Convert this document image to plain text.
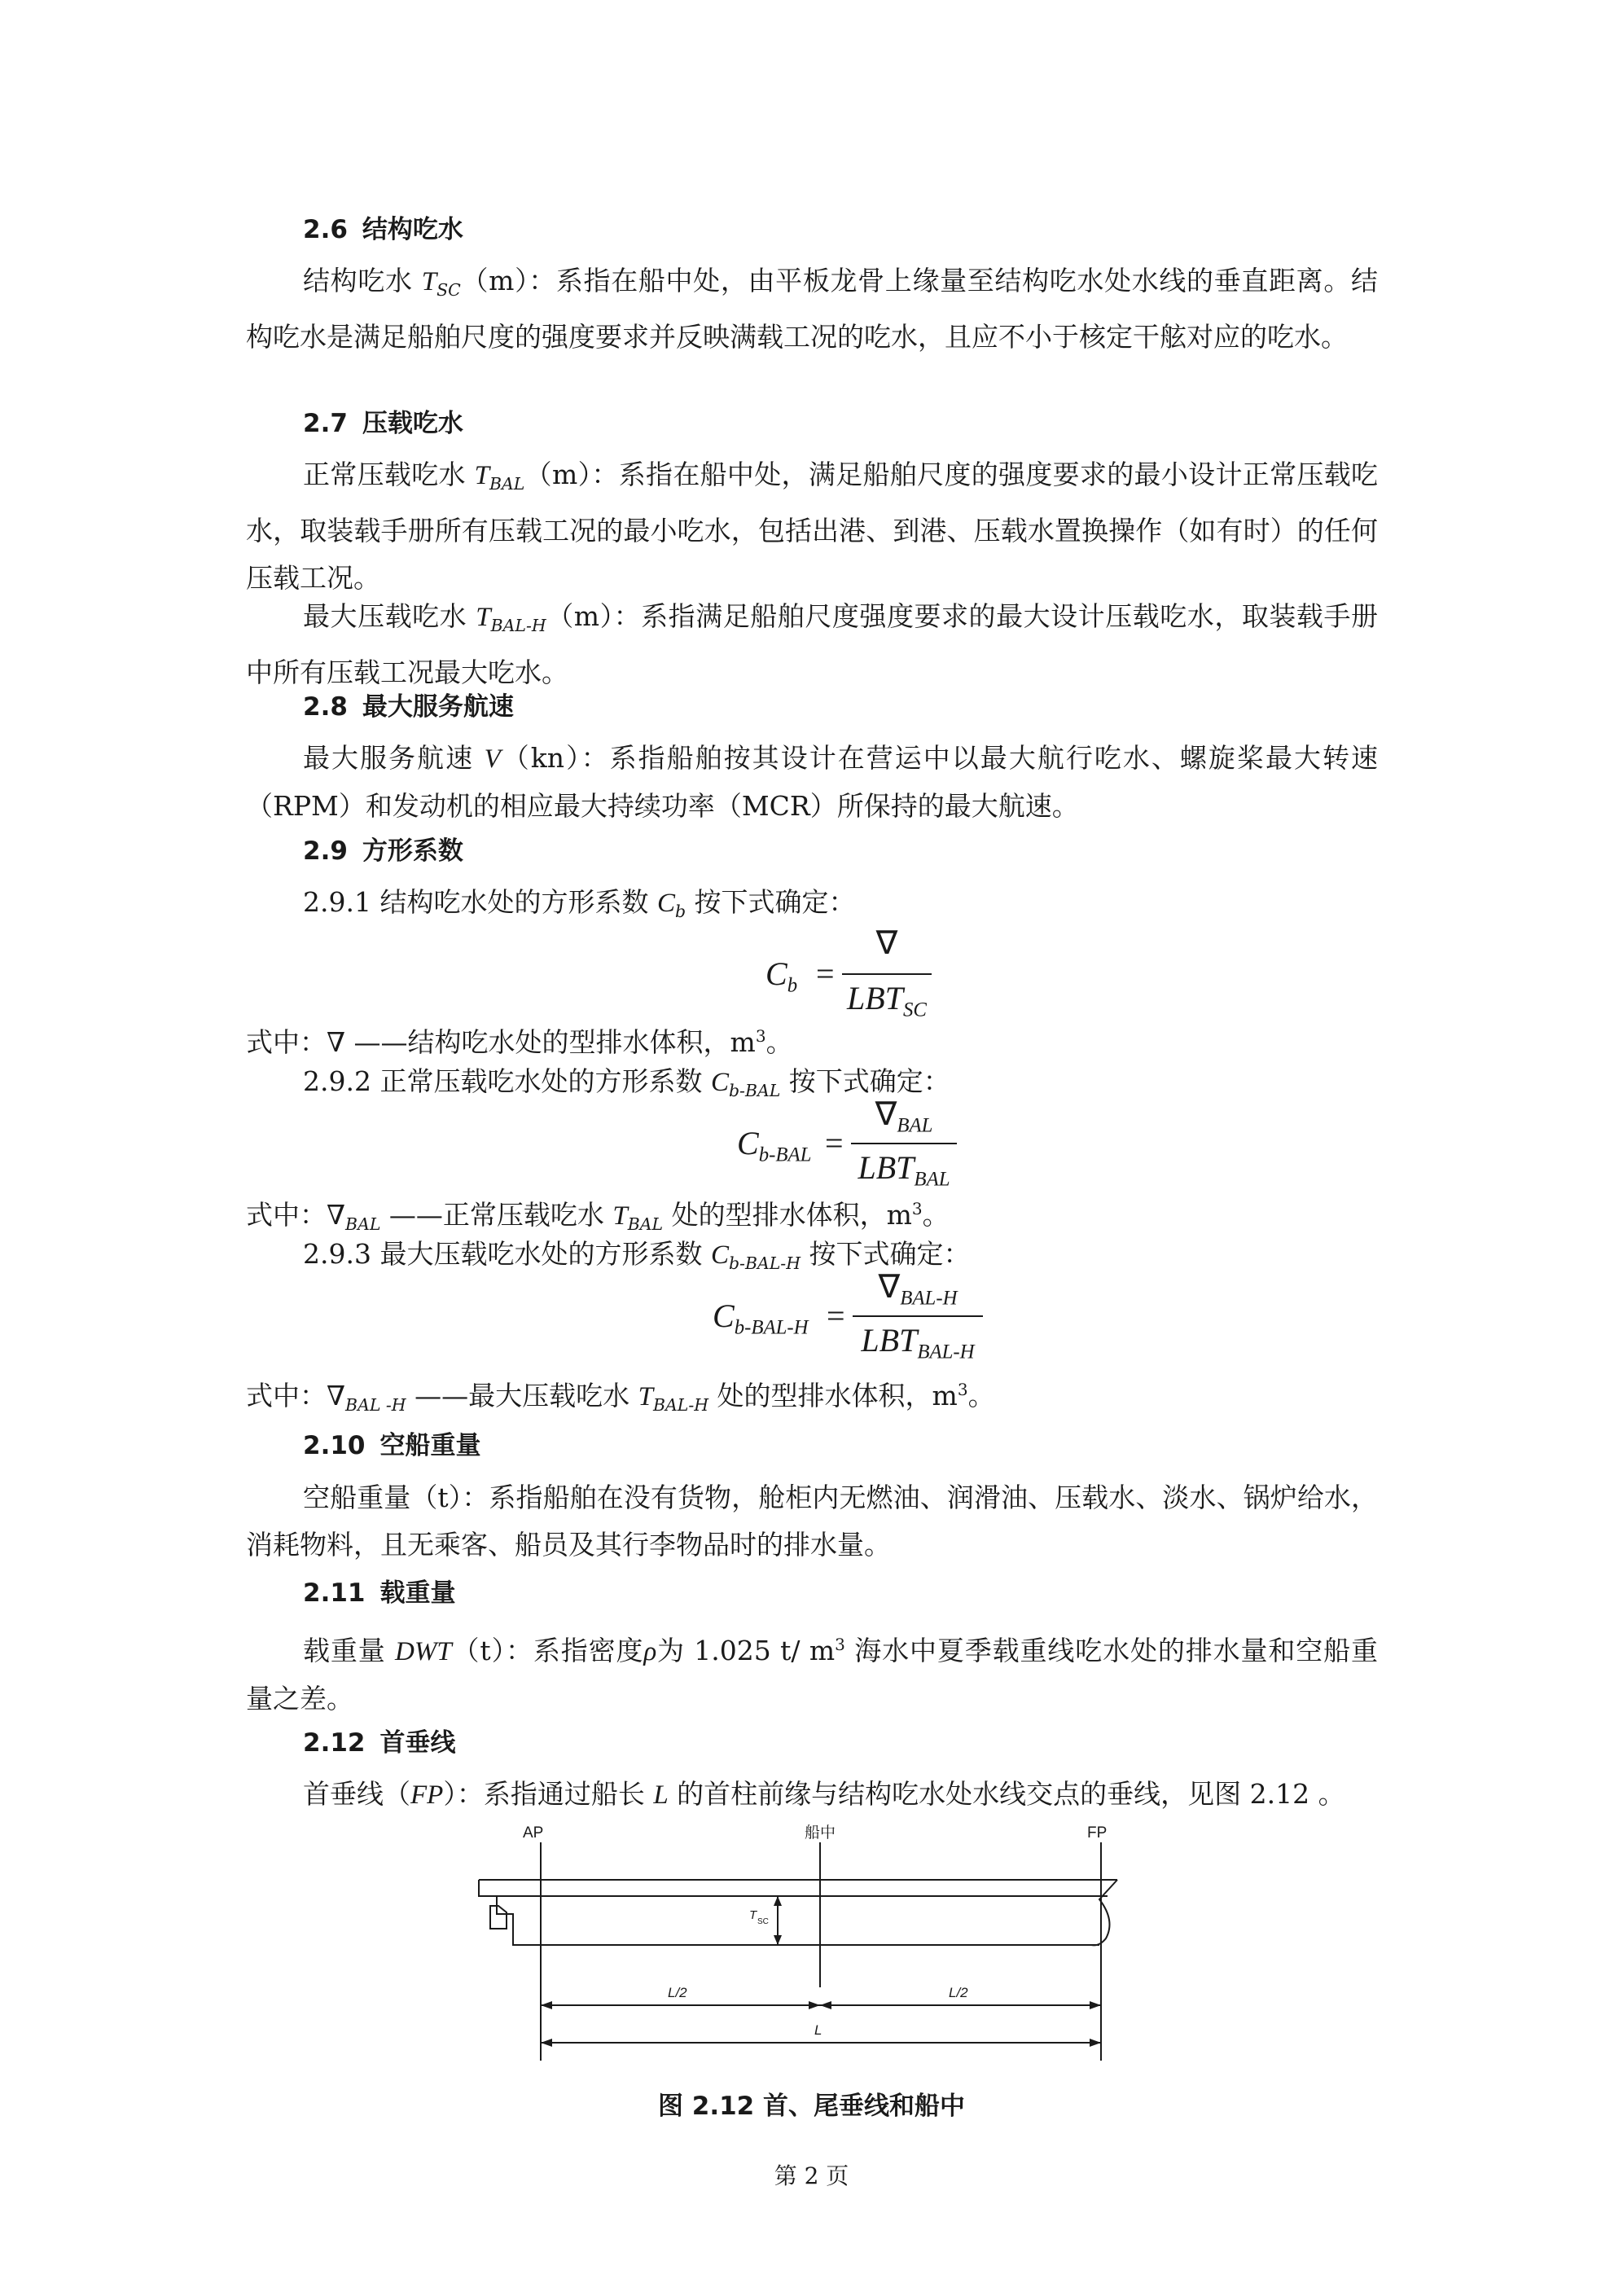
2.6 结构吃水
结构吃水 $T_{SC}(m)$：系指在船中处，由平板龙骨上缘量至结构吃水处水线的垂直距离。结构吃水是满足船舶尺度的强度要求并反映满载工况的吃水，且应不小于核定干舷对应的吃水。
2.7 压载吃水
正常压载吃水 $T_{BAL}(m)$：系指在船中处，满足船舶尺度的强度要求的最小设计正常压载吃水，取装载手册所有压载工况的最小吃水，包括出港、到港、压载水置换操作（如有时）的任何压载工况。
最大压载吃水 $T_{BAL-H}(m)$：系指满足船舶尺度强度要求的最大设计压载吃水，取装载手册中所有压载工况最大吃水。
2.8 最大服务航速
最大服务航速 V（kn）：系指船舶按其设计在营运中以最大航行吃水、螺旋桨最大转速（RPM）和发动机的相应最大持续功率（MCR）所保持的最大航速。
2.9 方形系数
2.9.1 结构吃水处的方形系数 $C_b$ 按下式确定：
$C_b$ =
∇
$LBT_{SC}$
式中：∇ ——结构吃水处的型排水体积，$m^3$。
2.9.2 正常压载吃水处的方形系数 $C_{b-BAL}$ 按下式确定：
$C_{b-BAL}$ =
$\nabla_{BAL}$
$LBT_{BAL}$
式中：$\nabla_{BAL}$ ——正常压载吃水 $T_{BAL}$ 处的型排水体积，$m^3$。
2.9.3 最大压载吃水处的方形系数 $C_{b-BAL-H}$ 按下式确定：
$C_{b-BAL-H}$ =
$\nabla_{BAL-H}$
$LBT_{BAL-H}$
式中：$\nabla_{BAL -H}$ ——最大压载吃水 $T_{BAL-H}$ 处的型排水体积，$m^3$。
2.10 空船重量
空船重量（t）：系指船舶在没有货物，舱柜内无燃油、润滑油、压载水、淡水、锅炉给水，消耗物料，且无乘客、船员及其行李物品时的排水量。
2.11 载重量
载重量 DWT（t）：系指密度ρ为 1.025 t/ $m^3$ 海水中夏季载重线吃水处的排水量和空船重量之差。
2.12 首垂线
首垂线（FP）：系指通过船长 L 的首柱前缘与结构吃水处水线交点的垂线，见图 2.12 。
AP	船中	FP
T SC
L/2	L/2
L
图 2.12 首、尾垂线和船中
第 2 页
